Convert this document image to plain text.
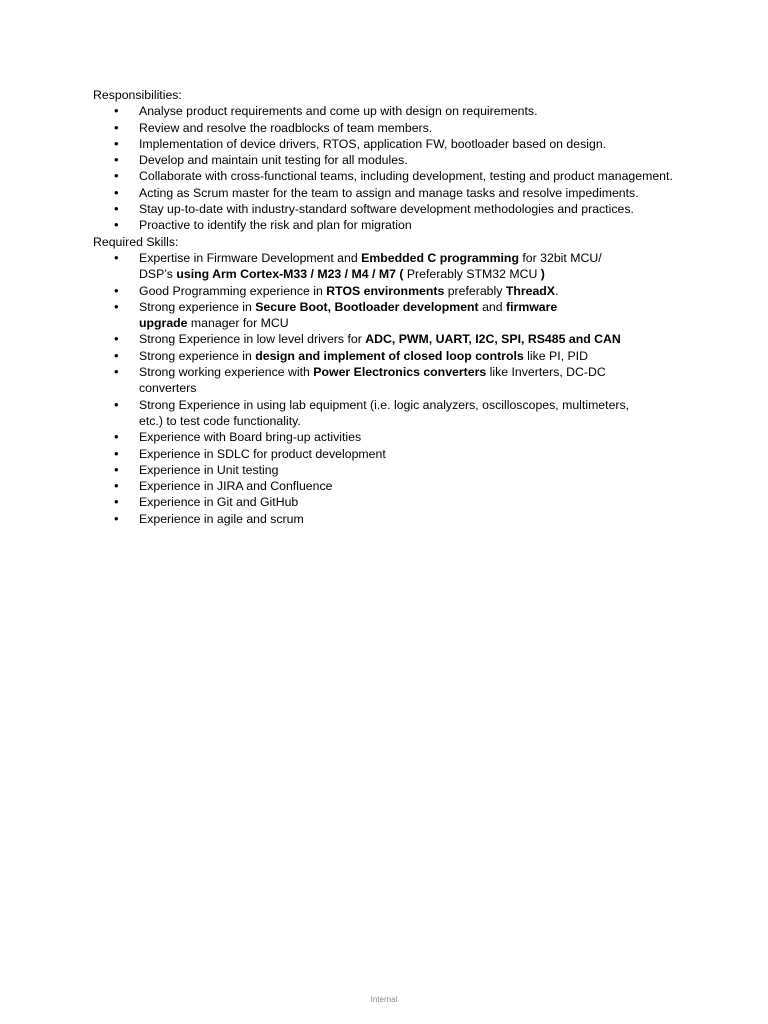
Responsibilities:
• Analyse product requirements and come up with design on requirements.
• Review and resolve the roadblocks of team members.
• Implementation of device drivers, RTOS, application FW, bootloader based on design.
• Develop and maintain unit testing for all modules.
• Collaborate with cross-functional teams, including development, testing and product management.
• Acting as Scrum master for the team to assign and manage tasks and resolve impediments.
• Stay up-to-date with industry-standard software development methodologies and practices.
• Proactive to identify the risk and plan for migration
Required Skills:
• Expertise in Firmware Development and Embedded C programming for 32bit MCU/
DSP’s using Arm Cortex-M33 / M23 / M4 / M7 ( Preferably STM32 MCU )
• Good Programming experience in RTOS environments preferably ThreadX.
• Strong experience in Secure Boot, Bootloader development and firmware
upgrade manager for MCU
• Strong Experience in low level drivers for ADC, PWM, UART, I2C, SPI, RS485 and CAN
• Strong experience in design and implement of closed loop controls like PI, PID
• Strong working experience with Power Electronics converters like Inverters, DC-DC
converters
• Strong Experience in using lab equipment (i.e. logic analyzers, oscilloscopes, multimeters,
etc.) to test code functionality.
• Experience with Board bring-up activities
• Experience in SDLC for product development
• Experience in Unit testing
• Experience in JIRA and Confluence
• Experience in Git and GitHub
• Experience in agile and scrum
Internal
